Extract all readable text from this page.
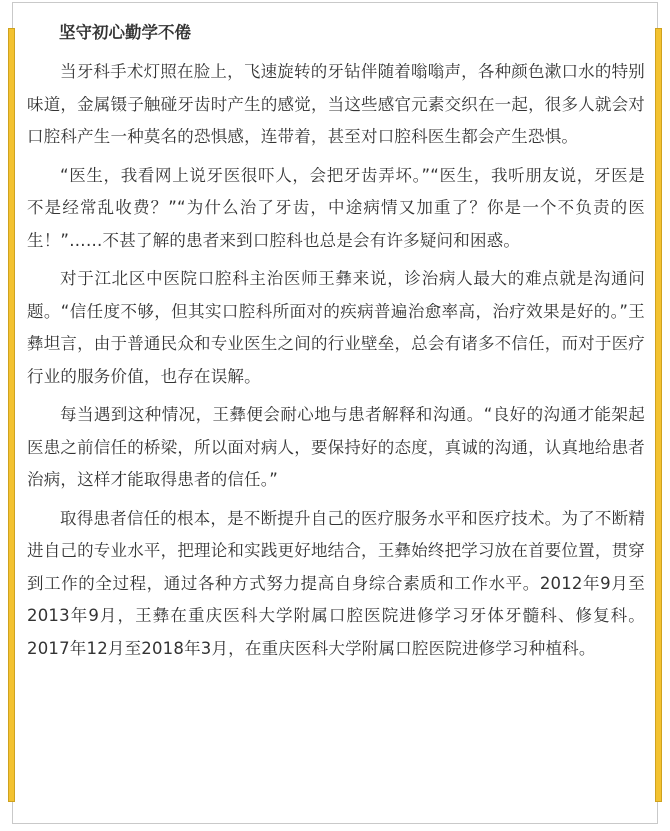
坚守初心勤学不倦

当牙科手术灯照在脸上，飞速旋转的牙钻伴随着嗡嗡声，各种颜色漱口水的特别味道，金属镊子触碰牙齿时产生的感觉，当这些感官元素交织在一起，很多人就会对口腔科产生一种莫名的恐惧感，连带着，甚至对口腔科医生都会产生恐惧。

“医生，我看网上说牙医很吓人，会把牙齿弄坏。”“医生，我听朋友说，牙医是不是经常乱收费？”“为什么治了牙齿，中途病情又加重了？你是一个不负责的医生！”……不甚了解的患者来到口腔科也总是会有许多疑问和困惑。

对于江北区中医院口腔科主治医师王彝来说，诊治病人最大的难点就是沟通问题。“信任度不够，但其实口腔科所面对的疾病普遍治愈率高，治疗效果是好的。”王彝坦言，由于普通民众和专业医生之间的行业壁垒，总会有诸多不信任，而对于医疗行业的服务价值，也存在误解。

每当遇到这种情况，王彝便会耐心地与患者解释和沟通。“良好的沟通才能架起医患之前信任的桥梁，所以面对病人，要保持好的态度，真诚的沟通，认真地给患者治病，这样才能取得患者的信任。”

取得患者信任的根本，是不断提升自己的医疗服务水平和医疗技术。为了不断精进自己的专业水平，把理论和实践更好地结合，王彝始终把学习放在首要位置，贯穿到工作的全过程，通过各种方式努力提高自身综合素质和工作水平。2012年9月至2013年9月，王彝在重庆医科大学附属口腔医院进修学习牙体牙髓科、修复科。2017年12月至2018年3月，在重庆医科大学附属口腔医院进修学习种植科。
